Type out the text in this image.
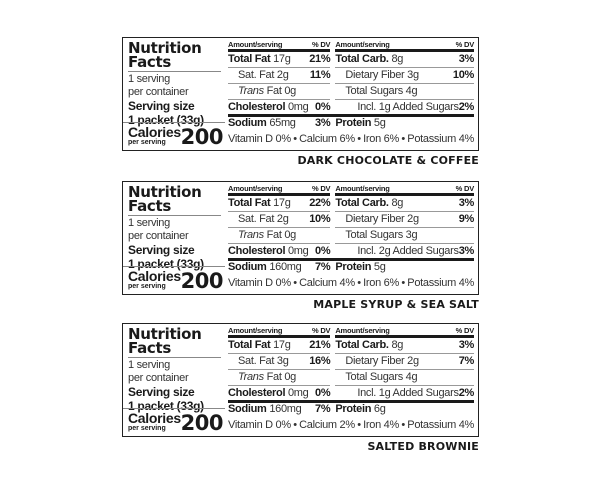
Nutrition
Facts
1 serving
per container
Serving size
1 packet (33g)
Calories
per serving 200
Amount/serving	% DV
Total Fat 17g 21%
Sat. Fat 2g 11%
Trans Fat 0g
Cholesterol 0mg 0%
Sodium 65mg 3%
Amount/serving	% DV
Total Carb. 8g	3%
Dietary Fiber 3g	10%
Total Sugars 4g
Incl. 1g Added Sugars 2%
Protein 5g
Vitamin D 0% • Calcium 6% • Iron 6% • Potassium 4%
DARK CHOCOLATE & COFFEE
Nutrition
Facts
1 serving
per container
Serving size
1 packet (33g)
Calories
per serving 200
Amount/serving	% DV
Total Fat 17g 22%
Sat. Fat 2g 10%
Trans Fat 0g
Cholesterol 0mg 0%
Sodium 160mg 7%
Amount/serving	% DV
Total Carb. 8g	3%
Dietary Fiber 2g	9%
Total Sugars 3g
Incl. 2g Added Sugars 3%
Protein 5g
Vitamin D 0% • Calcium 4% • Iron 6% • Potassium 4%
MAPLE SYRUP & SEA SALT
Nutrition
Facts
1 serving
per container
Serving size
1 packet (33g)
Calories
per serving 200
Amount/serving	% DV
Total Fat 17g 21%
Sat. Fat 3g 16%
Trans Fat 0g
Cholesterol 0mg 0%
Sodium 160mg 7%
Amount/serving	% DV
Total Carb. 8g	3%
Dietary Fiber 2g	7%
Total Sugars 4g
Incl. 1g Added Sugars 2%
Protein 6g
Vitamin D 0% • Calcium 2% • Iron 4% • Potassium 4%
SALTED BROWNIE
